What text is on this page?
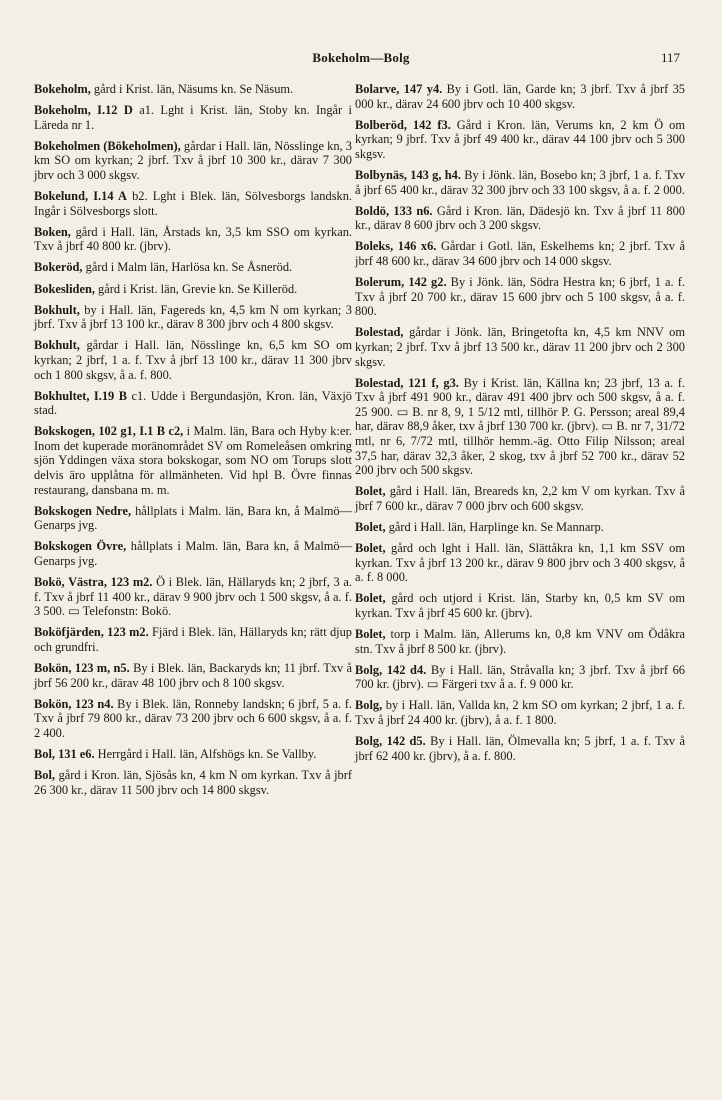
Bokeholm—Bolg	117

Bokeholm, gård i Krist. län, Näsums kn. Se Näsum.

Bokeholm, I.12 D a1. Lght i Krist. län, Stoby kn. Ingår i Läreda nr 1.

Bokeholmen (Bökeholmen), gårdar i Hall. län, Nösslinge kn, 3 km SO om kyrkan; 2 jbrf. Txv å jbrf 10 300 kr., därav 7 300 jbrv och 3 000 skgsv.

Bokelund, I.14 A b2. Lght i Blek. län, Sölvesborgs landskn. Ingår i Sölvesborgs slott.

Boken, gård i Hall. län, Årstads kn, 3,5 km SSO om kyrkan. Txv å jbrf 40 800 kr. (jbrv).

Bokeröd, gård i Malm län, Harlösa kn. Se Åsneröd.

Bokesliden, gård i Krist. län, Grevie kn. Se Killeröd.

Bokhult, by i Hall. län, Fagereds kn, 4,5 km N om kyrkan; 3 jbrf. Txv å jbrf 13 100 kr., därav 8 300 jbrv och 4 800 skgsv.

Bokhult, gårdar i Hall. län, Nösslinge kn, 6,5 km SO om kyrkan; 2 jbrf, 1 a. f. Txv å jbrf 13 100 kr., därav 11 300 jbrv och 1 800 skgsv, å a. f. 800.

Bokhultet, I.19 B c1. Udde i Bergundasjön, Kron. län, Växjö stad.

Bokskogen, 102 g1, I.1 B c2, i Malm. län, Bara och Hyby k:er. Inom det kuperade moränområdet SV om Romeleåsen omkring sjön Yddingen växa stora bokskogar, som NO om Torups slott delvis äro upplåtna för allmänheten. Vid hpl B. Övre finnas restaurang, dansbana m. m.

Bokskogen Nedre, hållplats i Malm. län, Bara kn, å Malmö—Genarps jvg.

Bokskogen Övre, hållplats i Malm. län, Bara kn, å Malmö—Genarps jvg.

Bokö, Västra, 123 m2. Ö i Blek. län, Hällaryds kn; 2 jbrf, 3 a. f. Txv å jbrf 11 400 kr., därav 9 900 jbrv och 1 500 skgsv, å a. f. 3 500. ▭ Telefonstn: Bokö.

Boköfjärden, 123 m2. Fjärd i Blek. län, Hällaryds kn; rätt djup och grundfri.

Bokön, 123 m, n5. By i Blek. län, Backaryds kn; 11 jbrf. Txv å jbrf 56 200 kr., därav 48 100 jbrv och 8 100 skgsv.

Bokön, 123 n4. By i Blek. län, Ronneby landskn; 6 jbrf, 5 a. f. Txv å jbrf 79 800 kr., därav 73 200 jbrv och 6 600 skgsv, å a. f. 2 400.

Bol, 131 e6. Herrgård i Hall. län, Alfshögs kn. Se Vallby.

Bol, gård i Kron. län, Sjösås kn, 4 km N om kyrkan. Txv å jbrf 26 300 kr., därav 11 500 jbrv och 14 800 skgsv.

Bolarve, 147 y4. By i Gotl. län, Garde kn; 3 jbrf. Txv å jbrf 35 000 kr., därav 24 600 jbrv och 10 400 skgsv.

Bolberöd, 142 f3. Gård i Kron. län, Verums kn, 2 km Ö om kyrkan; 9 jbrf. Txv å jbrf 49 400 kr., därav 44 100 jbrv och 5 300 skgsv.

Bolbynäs, 143 g, h4. By i Jönk. län, Bosebo kn; 3 jbrf, 1 a. f. Txv å jbrf 65 400 kr., därav 32 300 jbrv och 33 100 skgsv, å a. f. 2 000.

Boldö, 133 n6. Gård i Kron. län, Dädesjö kn. Txv å jbrf 11 800 kr., därav 8 600 jbrv och 3 200 skgsv.

Boleks, 146 x6. Gårdar i Gotl. län, Eskelhems kn; 2 jbrf. Txv å jbrf 48 600 kr., därav 34 600 jbrv och 14 000 skgsv.

Bolerum, 142 g2. By i Jönk. län, Södra Hestra kn; 6 jbrf, 1 a. f. Txv å jbrf 20 700 kr., därav 15 600 jbrv och 5 100 skgsv, å a. f. 800.

Bolestad, gårdar i Jönk. län, Bringetofta kn, 4,5 km NNV om kyrkan; 2 jbrf. Txv å jbrf 13 500 kr., därav 11 200 jbrv och 2 300 skgsv.

Bolestad, 121 f, g3. By i Krist. län, Källna kn; 23 jbrf, 13 a. f. Txv å jbrf 491 900 kr., därav 491 400 jbrv och 500 skgsv, å a. f. 25 900. ▭ B. nr 8, 9, 1 5/12 mtl, tillhör P. G. Persson; areal 89,4 har, därav 88,9 åker, txv å jbrf 130 700 kr. (jbrv). ▭ B. nr 7, 31/72 mtl, nr 6, 7/72 mtl, tillhör hemm.-äg. Otto Filip Nilsson; areal 37,5 har, därav 32,3 åker, 2 skog, txv å jbrf 52 700 kr., därav 52 200 jbrv och 500 skgsv.

Bolet, gård i Hall. län, Breareds kn, 2,2 km V om kyrkan. Txv å jbrf 7 600 kr., därav 7 000 jbrv och 600 skgsv.

Bolet, gård i Hall. län, Harplinge kn. Se Mannarp.

Bolet, gård och lght i Hall. län, Slättåkra kn, 1,1 km SSV om kyrkan. Txv å jbrf 13 200 kr., därav 9 800 jbrv och 3 400 skgsv, å a. f. 8 000.

Bolet, gård och utjord i Krist. län, Starby kn, 0,5 km SV om kyrkan. Txv å jbrf 45 600 kr. (jbrv).

Bolet, torp i Malm. län, Allerums kn, 0,8 km VNV om Ödåkra stn. Txv å jbrf 8 500 kr. (jbrv).

Bolg, 142 d4. By i Hall. län, Stråvalla kn; 3 jbrf. Txv å jbrf 66 700 kr. (jbrv). ▭ Färgeri txv å a. f. 9 000 kr.

Bolg, by i Hall. län, Vallda kn, 2 km SO om kyrkan; 2 jbrf, 1 a. f. Txv å jbrf 24 400 kr. (jbrv), å a. f. 1 800.

Bolg, 142 d5. By i Hall. län, Ölmevalla kn; 5 jbrf, 1 a. f. Txv å jbrf 62 400 kr. (jbrv), å a. f. 800.
